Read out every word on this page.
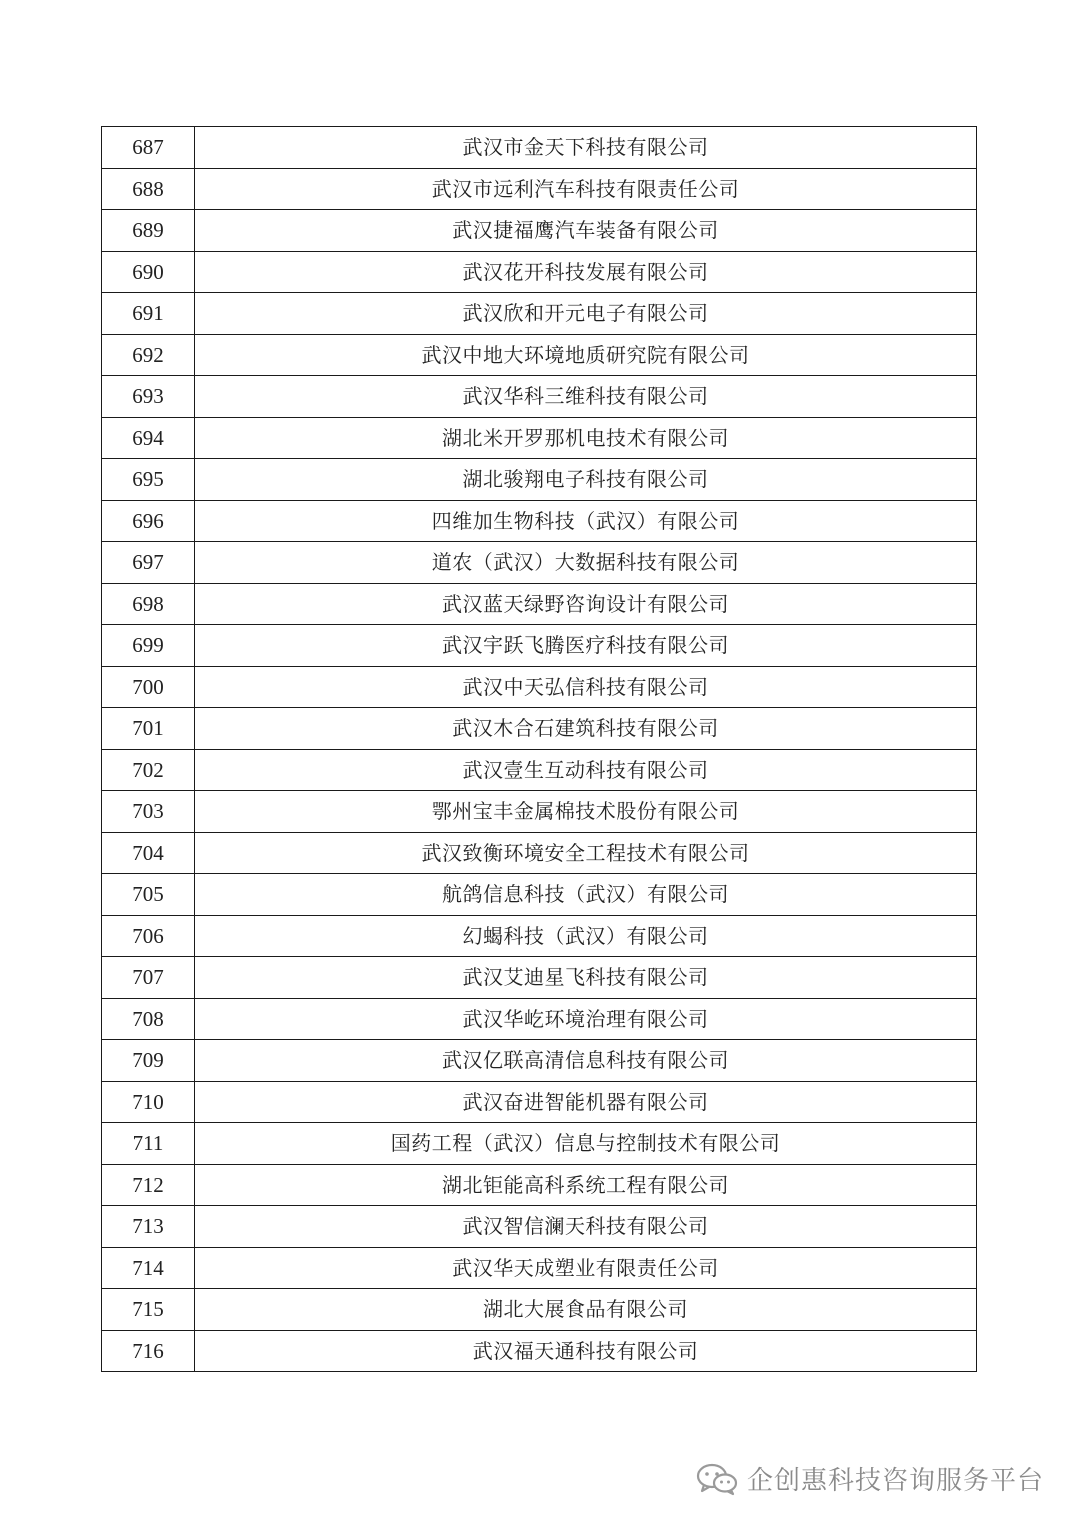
687	武汉市金天下科技有限公司
688	武汉市远利汽车科技有限责任公司
689	武汉捷福鹰汽车装备有限公司
690	武汉花开科技发展有限公司
691	武汉欣和开元电子有限公司
692	武汉中地大环境地质研究院有限公司
693	武汉华科三维科技有限公司
694	湖北米开罗那机电技术有限公司
695	湖北骏翔电子科技有限公司
696	四维加生物科技（武汉）有限公司
697	道农（武汉）大数据科技有限公司
698	武汉蓝天绿野咨询设计有限公司
699	武汉宇跃飞腾医疗科技有限公司
700	武汉中天弘信科技有限公司
701	武汉木合石建筑科技有限公司
702	武汉壹生互动科技有限公司
703	鄂州宝丰金属棉技术股份有限公司
704	武汉致衡环境安全工程技术有限公司
705	航鸽信息科技（武汉）有限公司
706	幻蝎科技（武汉）有限公司
707	武汉艾迪星飞科技有限公司
708	武汉华屹环境治理有限公司
709	武汉亿联高清信息科技有限公司
710	武汉奋进智能机器有限公司
711	国药工程（武汉）信息与控制技术有限公司
712	湖北钜能高科系统工程有限公司
713	武汉智信澜天科技有限公司
714	武汉华天成塑业有限责任公司
715	湖北大展食品有限公司
716	武汉福天通科技有限公司
企创惠科技咨询服务平台
